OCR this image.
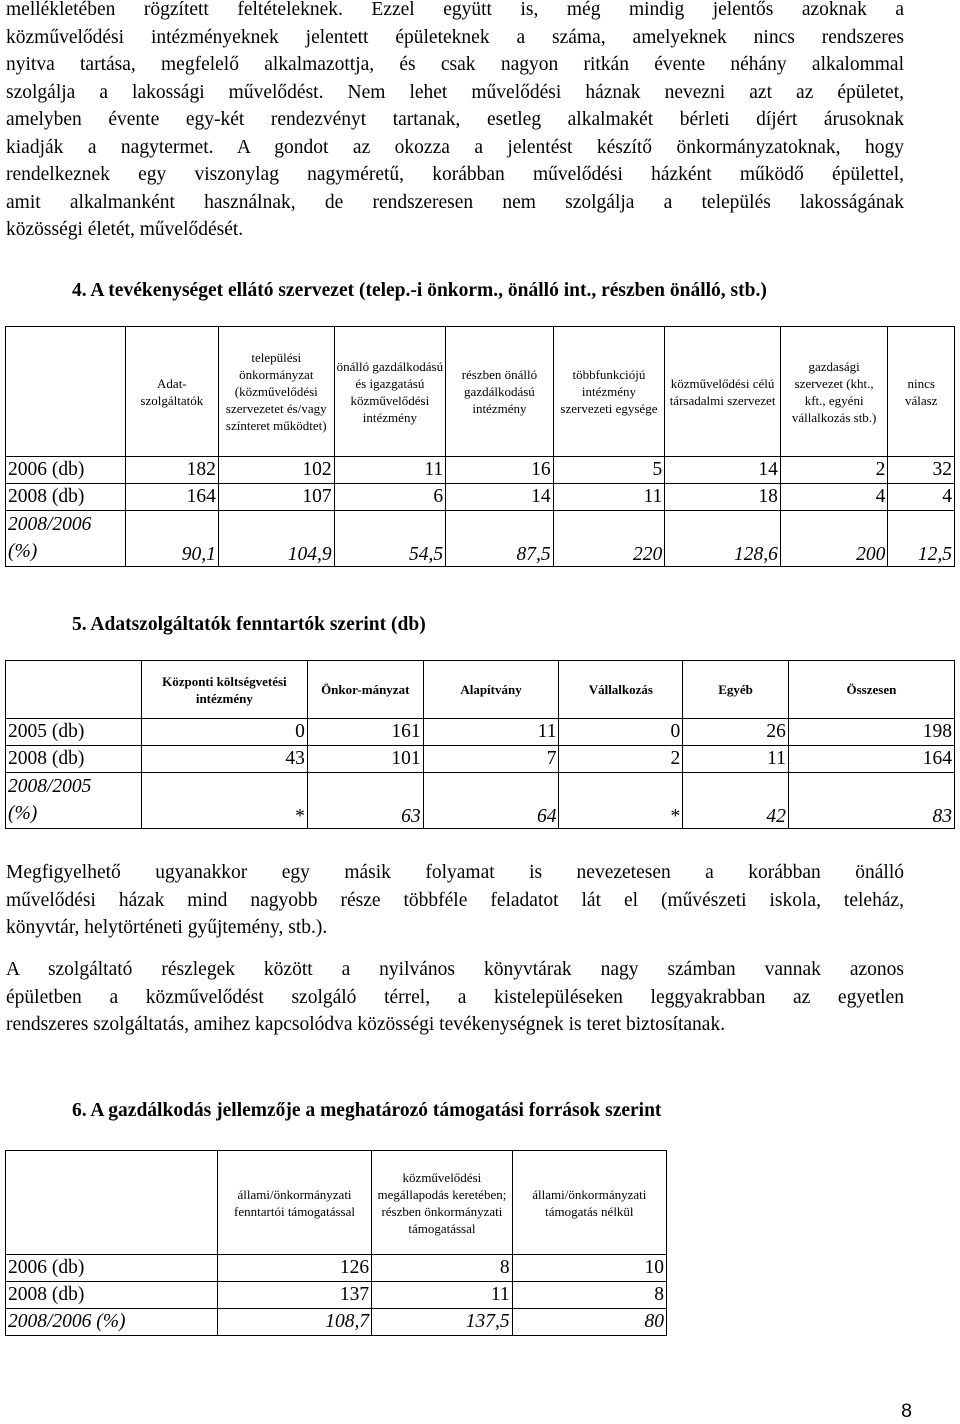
mellékletében rögzített feltételeknek. Ezzel együtt is, még mindig jelentős azoknak a
közművelődési intézményeknek jelentett épületeknek a száma, amelyeknek nincs rendszeres
nyitva tartása, megfelelő alkalmazottja, és csak nagyon ritkán évente néhány alkalommal
szolgálja a lakossági művelődést. Nem lehet művelődési háznak nevezni azt az épületet,
amelyben évente egy-két rendezvényt tartanak, esetleg alkalmakét bérleti díjért árusoknak
kiadják a nagytermet. A gondot az okozza a jelentést készítő önkormányzatoknak, hogy
rendelkeznek egy viszonylag nagyméretű, korábban művelődési házként működő épülettel,
amit alkalmanként használnak, de rendszeresen nem szolgálja a település lakosságának
közösségi életét, művelődését.
4. A tevékenységet ellátó szervezet (telep.-i önkorm., önálló int., részben önálló, stb.)
	Adat-szolgáltatók	települési önkormányzat (közművelődési szervezetet és/vagy színteret működtet)	önálló gazdálkodású és igazgatású közművelődési intézmény	részben önálló gazdálkodású intézmény	többfunkciójú intézmény szervezeti egysége	közművelődési célú társadalmi szervezet	gazdasági szervezet (kht., kft., egyéni vállalkozás stb.)	nincs válasz
2006 (db)	182	102	11	16	5	14	2	32
2008 (db)	164	107	6	14	11	18	4	4
2008/2006
(%)	90,1	104,9	54,5	87,5	220	128,6	200	12,5
5. Adatszolgáltatók fenntartók szerint (db)
	Központi költségvetési intézmény	Önkor-mányzat	Alapítvány	Vállalkozás	Egyéb	Összesen
2005 (db)	0	161	11	0	26	198
2008 (db)	43	101	7	2	11	164
2008/2005
(%)	*	63	64	*	42	83
Megfigyelhető ugyanakkor egy másik folyamat is nevezetesen a korábban önálló
művelődési házak mind nagyobb része többféle feladatot lát el (művészeti iskola, teleház,
könyvtár, helytörténeti gyűjtemény, stb.).
A szolgáltató részlegek között a nyilvános könyvtárak nagy számban vannak azonos
épületben a közművelődést szolgáló térrel, a kistelepüléseken leggyakrabban az egyetlen
rendszeres szolgáltatás, amihez kapcsolódva közösségi tevékenységnek is teret biztosítanak.
6. A gazdálkodás jellemzője a meghatározó támogatási források szerint
	állami/önkormányzati fenntartói támogatással	közművelődési megállapodás keretében; részben önkormányzati támogatással	állami/önkormányzati támogatás nélkül
2006 (db)	126	8	10
2008 (db)	137	11	8
2008/2006 (%)	108,7	137,5	80
8
